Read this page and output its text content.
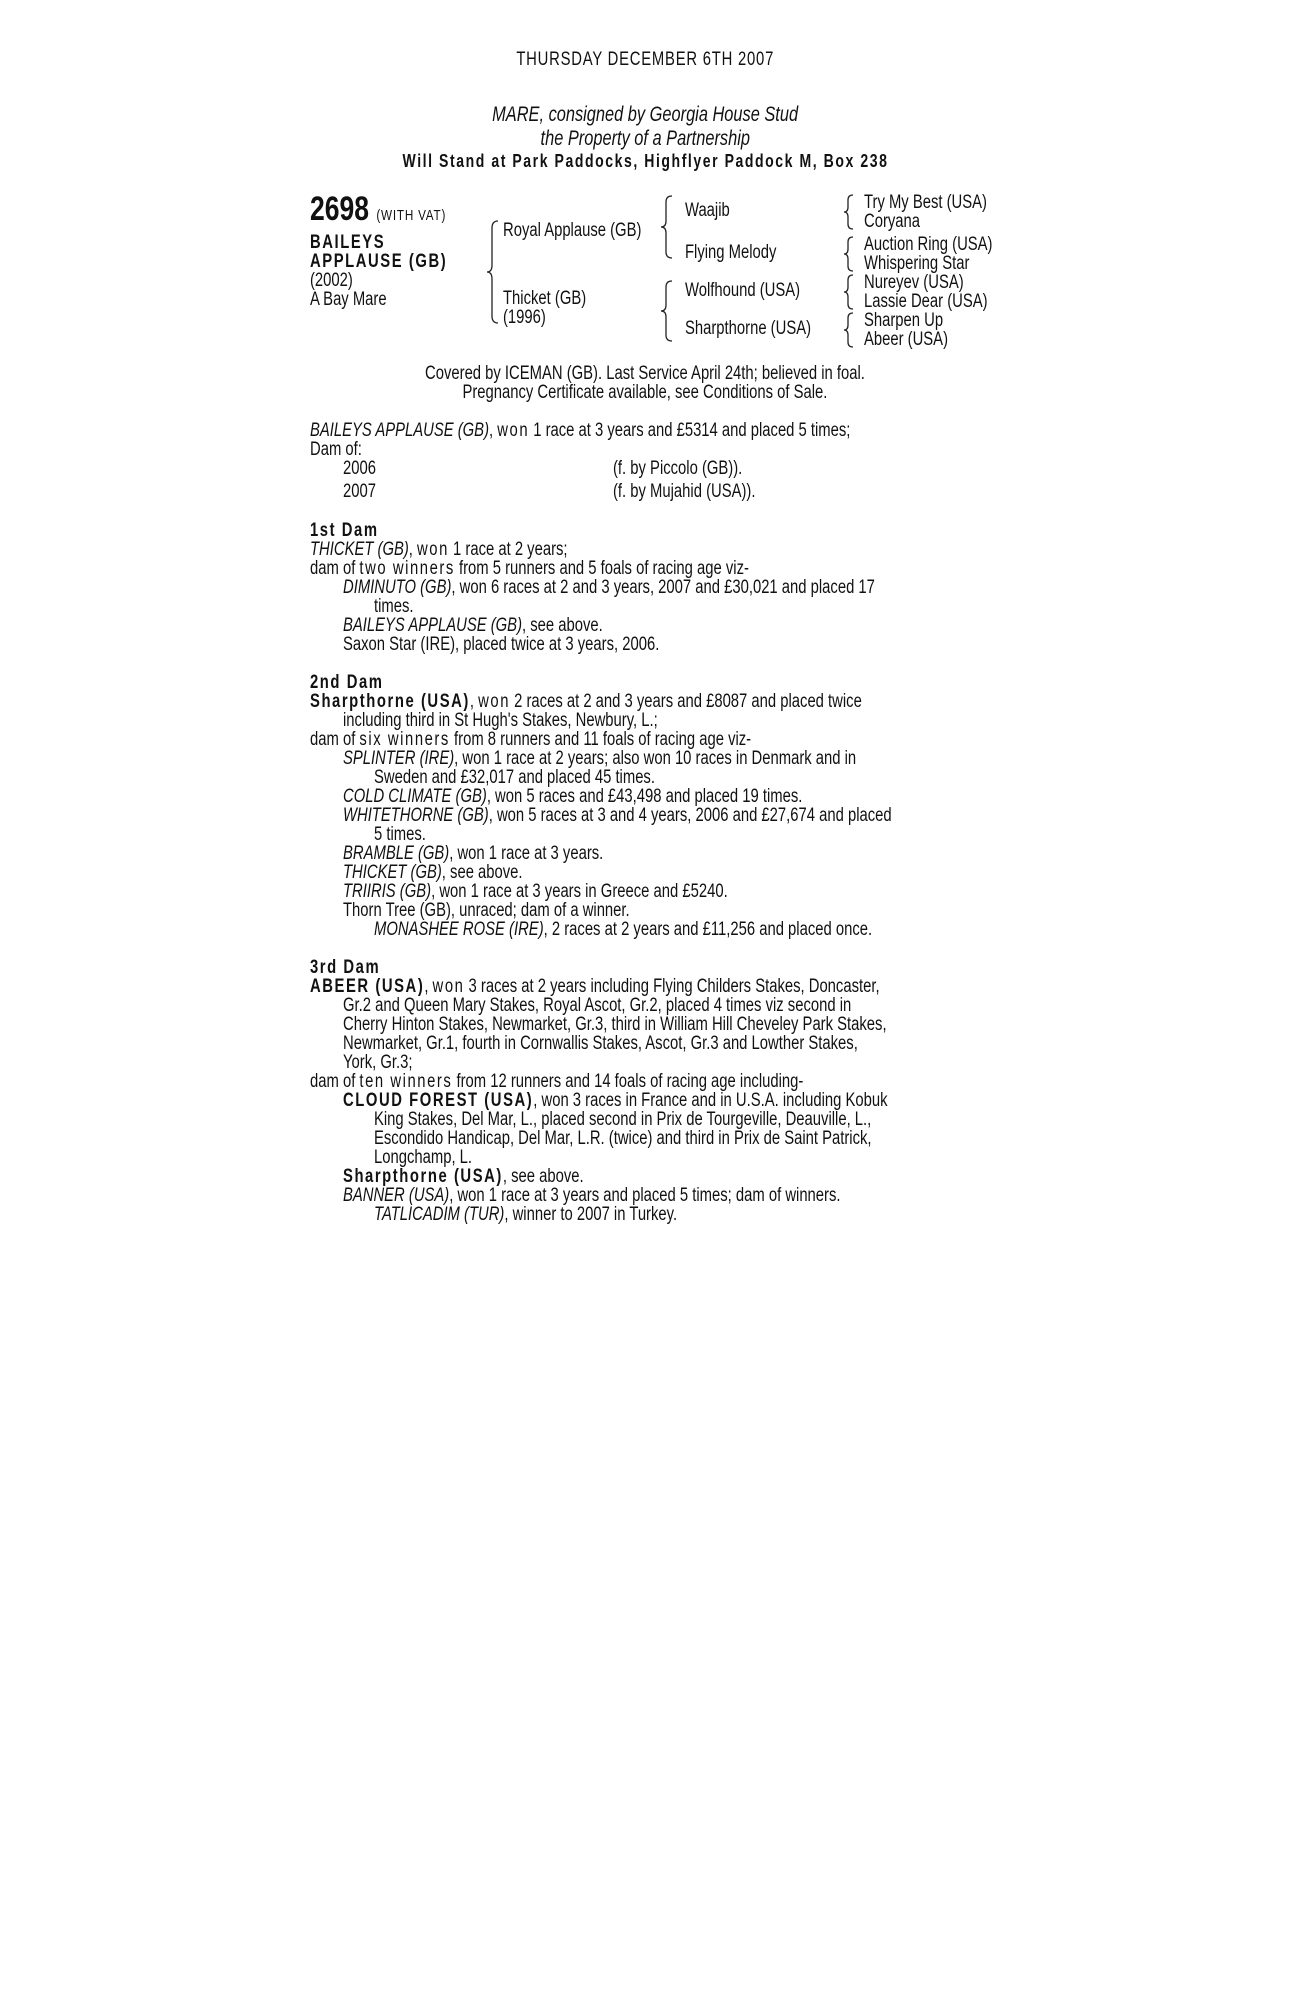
THURSDAY DECEMBER 6TH 2007
MARE, consigned by Georgia House Stud
the Property of a Partnership
Will Stand at Park Paddocks, Highflyer Paddock M, Box 238
2698 (WITH VAT)
BAILEYS
APPLAUSE (GB)
(2002)
A Bay Mare
Royal Applause (GB)
Thicket (GB)
(1996)
Waajib
Flying Melody
Wolfhound (USA)
Sharpthorne (USA)
Try My Best (USA)
Coryana
Auction Ring (USA)
Whispering Star
Nureyev (USA)
Lassie Dear (USA)
Sharpen Up
Abeer (USA)
Covered by ICEMAN (GB). Last Service April 24th; believed in foal.
Pregnancy Certificate available, see Conditions of Sale.
BAILEYS APPLAUSE (GB), won 1 race at 3 years and £5314 and placed 5 times;
Dam of:
2006	(f. by Piccolo (GB)).
2007	(f. by Mujahid (USA)).
1st Dam
THICKET (GB), won 1 race at 2 years;
dam of two winners from 5 runners and 5 foals of racing age viz-
DIMINUTO (GB), won 6 races at 2 and 3 years, 2007 and £30,021 and placed 17
times.
BAILEYS APPLAUSE (GB), see above.
Saxon Star (IRE), placed twice at 3 years, 2006.
2nd Dam
Sharpthorne (USA), won 2 races at 2 and 3 years and £8087 and placed twice
including third in St Hugh's Stakes, Newbury, L.;
dam of six winners from 8 runners and 11 foals of racing age viz-
SPLINTER (IRE), won 1 race at 2 years; also won 10 races in Denmark and in
Sweden and £32,017 and placed 45 times.
COLD CLIMATE (GB), won 5 races and £43,498 and placed 19 times.
WHITETHORNE (GB), won 5 races at 3 and 4 years, 2006 and £27,674 and placed
5 times.
BRAMBLE (GB), won 1 race at 3 years.
THICKET (GB), see above.
TRIIRIS (GB), won 1 race at 3 years in Greece and £5240.
Thorn Tree (GB), unraced; dam of a winner.
MONASHEE ROSE (IRE), 2 races at 2 years and £11,256 and placed once.
3rd Dam
ABEER (USA), won 3 races at 2 years including Flying Childers Stakes, Doncaster,
Gr.2 and Queen Mary Stakes, Royal Ascot, Gr.2, placed 4 times viz second in
Cherry Hinton Stakes, Newmarket, Gr.3, third in William Hill Cheveley Park Stakes,
Newmarket, Gr.1, fourth in Cornwallis Stakes, Ascot, Gr.3 and Lowther Stakes,
York, Gr.3;
dam of ten winners from 12 runners and 14 foals of racing age including-
CLOUD FOREST (USA), won 3 races in France and in U.S.A. including Kobuk
King Stakes, Del Mar, L., placed second in Prix de Tourgeville, Deauville, L.,
Escondido Handicap, Del Mar, L.R. (twice) and third in Prix de Saint Patrick,
Longchamp, L.
Sharpthorne (USA), see above.
BANNER (USA), won 1 race at 3 years and placed 5 times; dam of winners.
TATLICADIM (TUR), winner to 2007 in Turkey.
